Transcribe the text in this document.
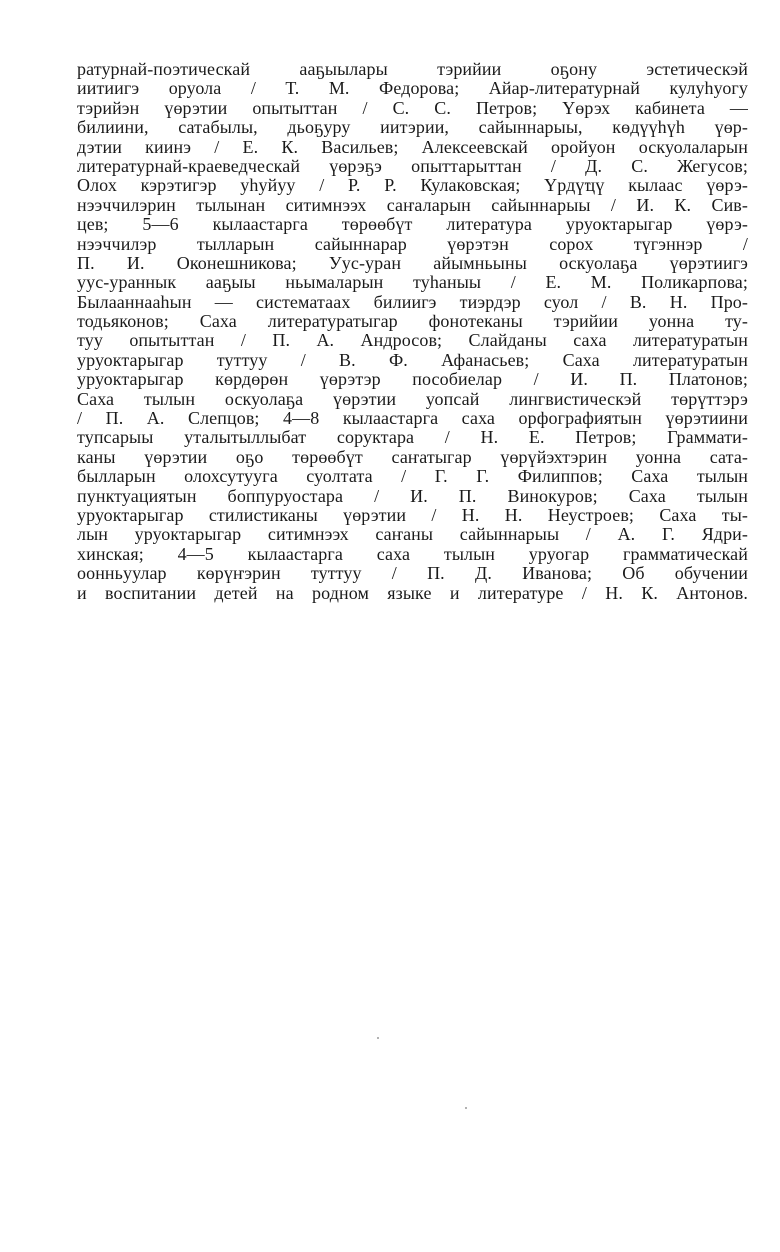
ратурнай-поэтическай ааҕыылары тэрийии оҕону эстетическэй
иитиигэ оруола / Т. М. Федорова; Айар-литературнай кулуһуогу
тэрийэн үөрэтии опытыттан / С. С. Петров; Үөрэх кабинета —
билиини, сатабылы, дьоҕуру иитэрии, сайыннарыы, көдүүһүһ үөр-
дэтии киинэ / Е. К. Васильев; Алексеевскай оройуон оскуолаларын
литературнай-краеведческай үөрэҕэ опыттарыттан / Д. С. Жегусов;
Олох кэрэтигэр уһуйуу / Р. Р. Кулаковская; Үрдүҵү кылаас үөрэ-
нээччилэрин тылынан ситимнээх саҥаларын сайыннарыы / И. К. Сив-
цев; 5—6 кылаастарга төрөөбүт литература уруоктарыгар үөрэ-
нээччилэр тылларын сайыннарар үөрэтэн сорох түгэннэр /
П. И. Оконешникова; Уус-уран айымньыны оскуолаҕа үөрэтиигэ
уус-ураннык ааҕыы ньымаларын туһаныы / Е. М. Поликарпова;
Былааннааһын — систематаах билиигэ тиэрдэр суол / В. Н. Про-
тодьяконов; Саха литературатыгар фонотеканы тэрийии уонна ту-
туу опытыттан / П. А. Андросов; Слайданы саха литературатын
уруоктарыгар туттуу / В. Ф. Афанасьев; Саха литературатын
уруоктарыгар көрдөрөн үөрэтэр пособиелар / И. П. Платонов;
Саха тылын оскуолаҕа үөрэтии уопсай лингвистическэй төрүттэрэ
/ П. А. Слепцов; 4—8 кылаастарга саха орфографиятын үөрэтиини
тупсарыы уталытыллыбат соруктара / Н. Е. Петров; Граммати-
каны үөрэтии оҕо төрөөбүт саҥатыгар үөрүйэхтэрин уонна сата-
былларын олохсутууга суолтата / Г. Г. Филиппов; Саха тылын
пунктуациятын боппуруостара / И. П. Винокуров; Саха тылын
уруоктарыгар стилистиканы үөрэтии / Н. Н. Неустроев; Саха ты-
лын уруоктарыгар ситимнээх саҥаны сайыннарыы / А. Г. Ядри-
хинская; 4—5 кылаастарга саха тылын уруогар грамматическай
оонньуулар көрүҥэрин туттуу / П. Д. Иванова; Об обучении
и воспитании детей на родном языке и литературе / Н. К. Антонов.
